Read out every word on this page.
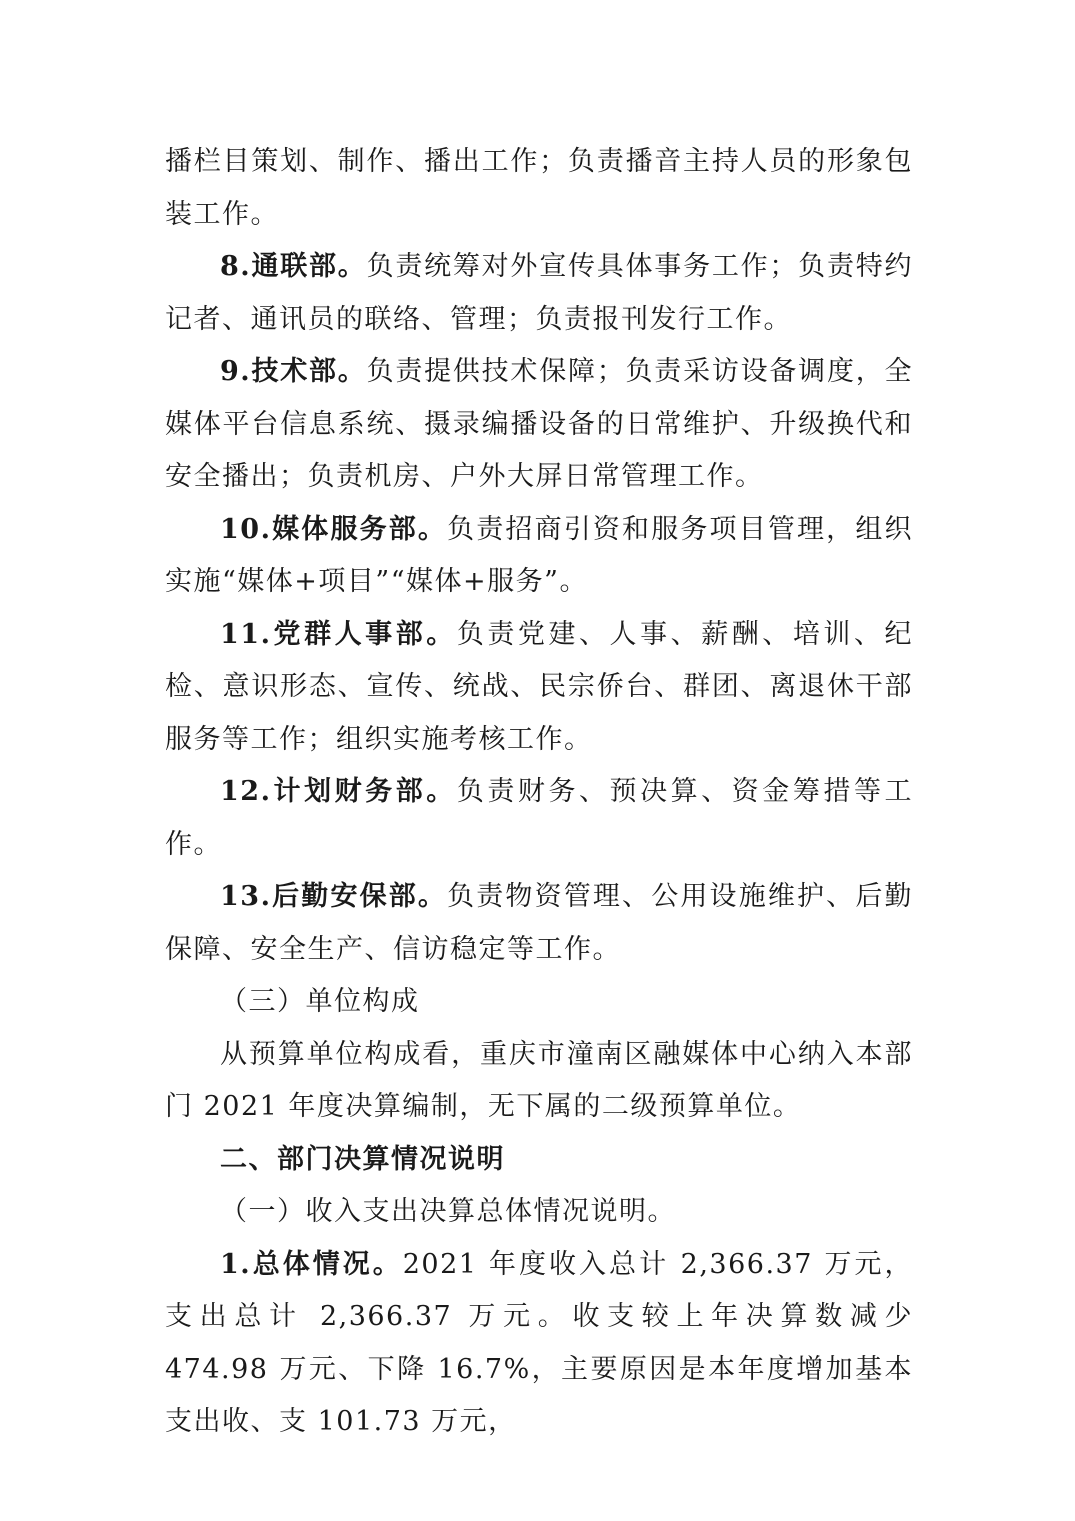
播栏目策划、制作、播出工作；负责播音主持人员的形象包装工作。

8.通联部。负责统筹对外宣传具体事务工作；负责特约记者、通讯员的联络、管理；负责报刊发行工作。

9.技术部。负责提供技术保障；负责采访设备调度，全媒体平台信息系统、摄录编播设备的日常维护、升级换代和安全播出；负责机房、户外大屏日常管理工作。

10.媒体服务部。负责招商引资和服务项目管理，组织实施“媒体+项目”“媒体+服务”。

11.党群人事部。负责党建、人事、薪酬、培训、纪检、意识形态、宣传、统战、民宗侨台、群团、离退休干部服务等工作；组织实施考核工作。

12.计划财务部。负责财务、预决算、资金筹措等工作。

13.后勤安保部。负责物资管理、公用设施维护、后勤保障、安全生产、信访稳定等工作。

（三）单位构成

从预算单位构成看，重庆市潼南区融媒体中心纳入本部门 2021 年度决算编制，无下属的二级预算单位。

二、部门决算情况说明

（一）收入支出决算总体情况说明。

1.总体情况。2021 年度收入总计 2,366.37 万元，支出总计 2,366.37 万元。收支较上年决算数减少 474.98 万元、下降 16.7%，主要原因是本年度增加基本支出收、支 101.73 万元，
